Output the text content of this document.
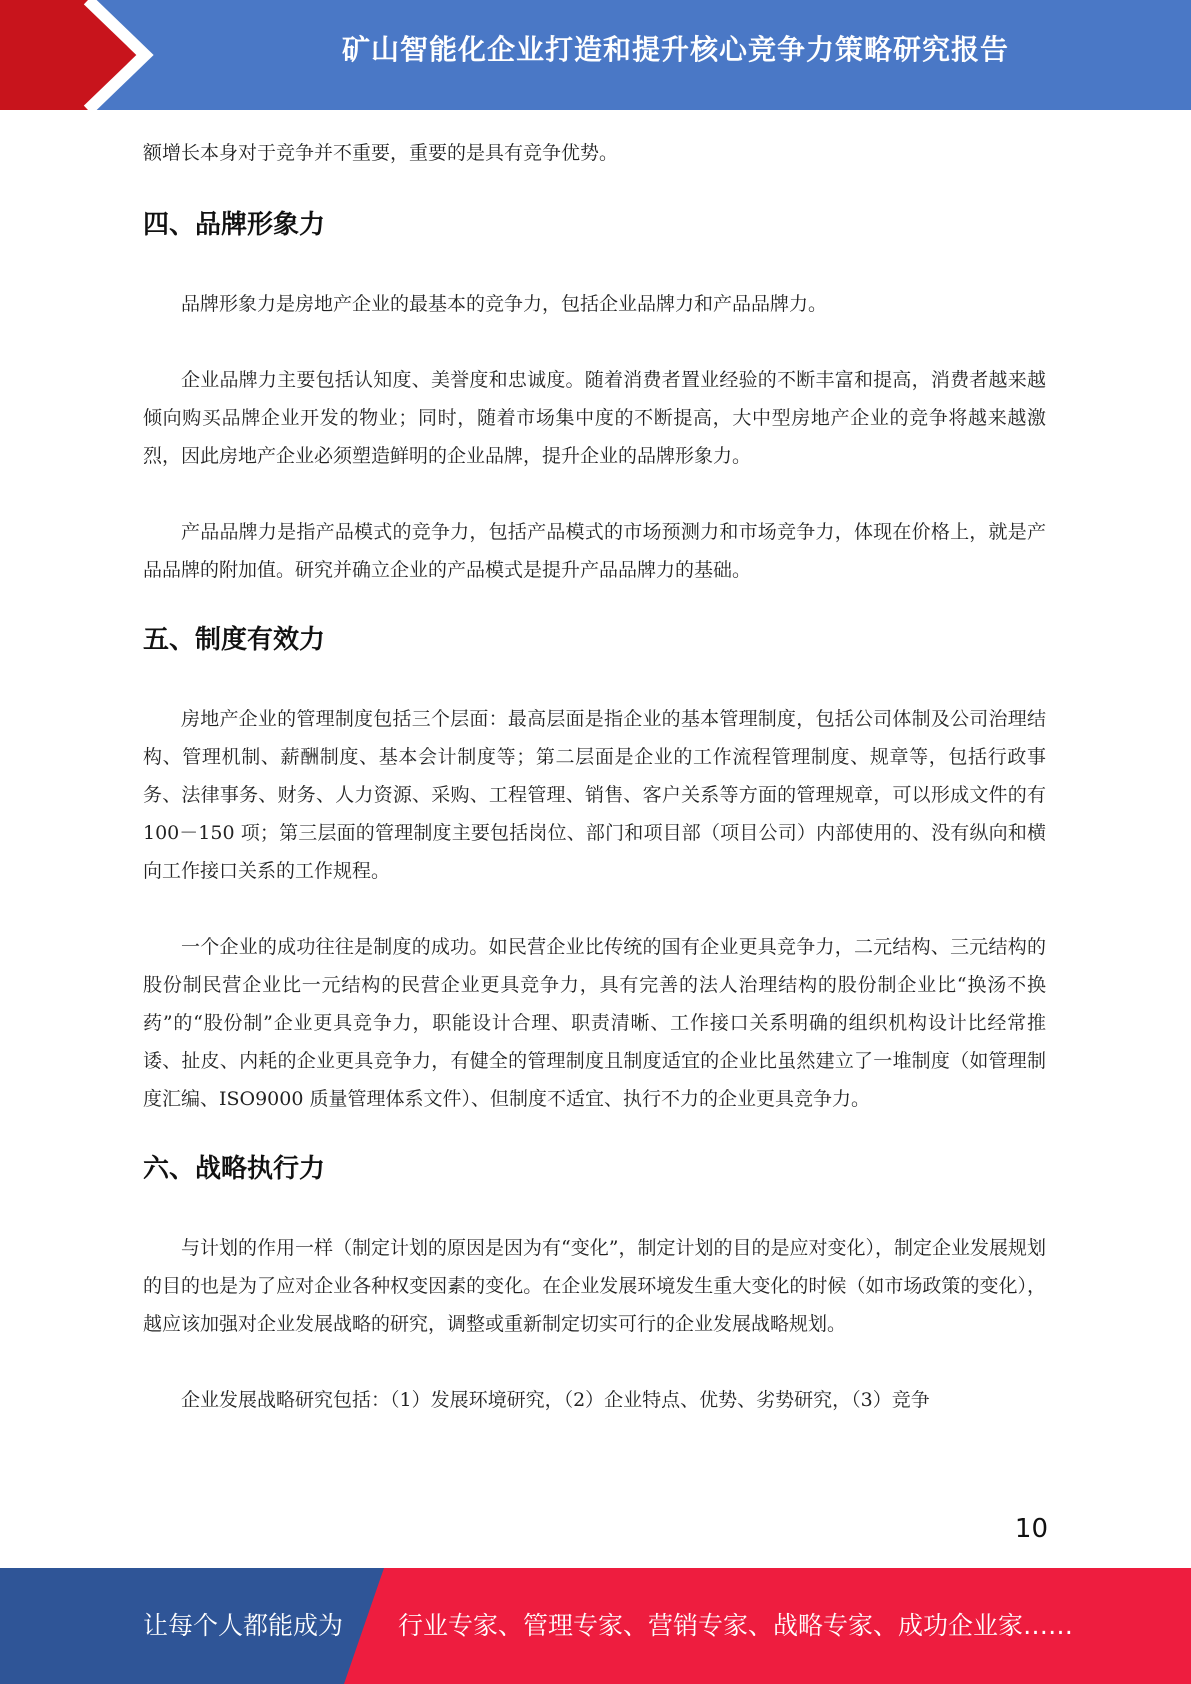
矿山智能化企业打造和提升核心竞争力策略研究报告

额增长本身对于竞争并不重要，重要的是具有竞争优势。

四、品牌形象力

品牌形象力是房地产企业的最基本的竞争力，包括企业品牌力和产品品牌力。

企业品牌力主要包括认知度、美誉度和忠诚度。随着消费者置业经验的不断丰富和提高，消费者越来越倾向购买品牌企业开发的物业；同时，随着市场集中度的不断提高，大中型房地产企业的竞争将越来越激烈，因此房地产企业必须塑造鲜明的企业品牌，提升企业的品牌形象力。

产品品牌力是指产品模式的竞争力，包括产品模式的市场预测力和市场竞争力，体现在价格上，就是产品品牌的附加值。研究并确立企业的产品模式是提升产品品牌力的基础。

五、制度有效力

房地产企业的管理制度包括三个层面：最高层面是指企业的基本管理制度，包括公司体制及公司治理结构、管理机制、薪酬制度、基本会计制度等；第二层面是企业的工作流程管理制度、规章等，包括行政事务、法律事务、财务、人力资源、采购、工程管理、销售、客户关系等方面的管理规章，可以形成文件的有 100－150 项；第三层面的管理制度主要包括岗位、部门和项目部（项目公司）内部使用的、没有纵向和横向工作接口关系的工作规程。

一个企业的成功往往是制度的成功。如民营企业比传统的国有企业更具竞争力，二元结构、三元结构的股份制民营企业比一元结构的民营企业更具竞争力，具有完善的法人治理结构的股份制企业比“换汤不换药”的“股份制”企业更具竞争力，职能设计合理、职责清晰、工作接口关系明确的组织机构设计比经常推诿、扯皮、内耗的企业更具竞争力，有健全的管理制度且制度适宜的企业比虽然建立了一堆制度（如管理制度汇编、ISO9000 质量管理体系文件）、但制度不适宜、执行不力的企业更具竞争力。

六、战略执行力

与计划的作用一样（制定计划的原因是因为有“变化”，制定计划的目的是应对变化），制定企业发展规划的目的也是为了应对企业各种权变因素的变化。在企业发展环境发生重大变化的时候（如市场政策的变化），越应该加强对企业发展战略的研究，调整或重新制定切实可行的企业发展战略规划。

企业发展战略研究包括：（1）发展环境研究，（2）企业特点、优势、劣势研究，（3）竞争

10
让每个人都能成为 行业专家、管理专家、营销专家、战略专家、成功企业家……
